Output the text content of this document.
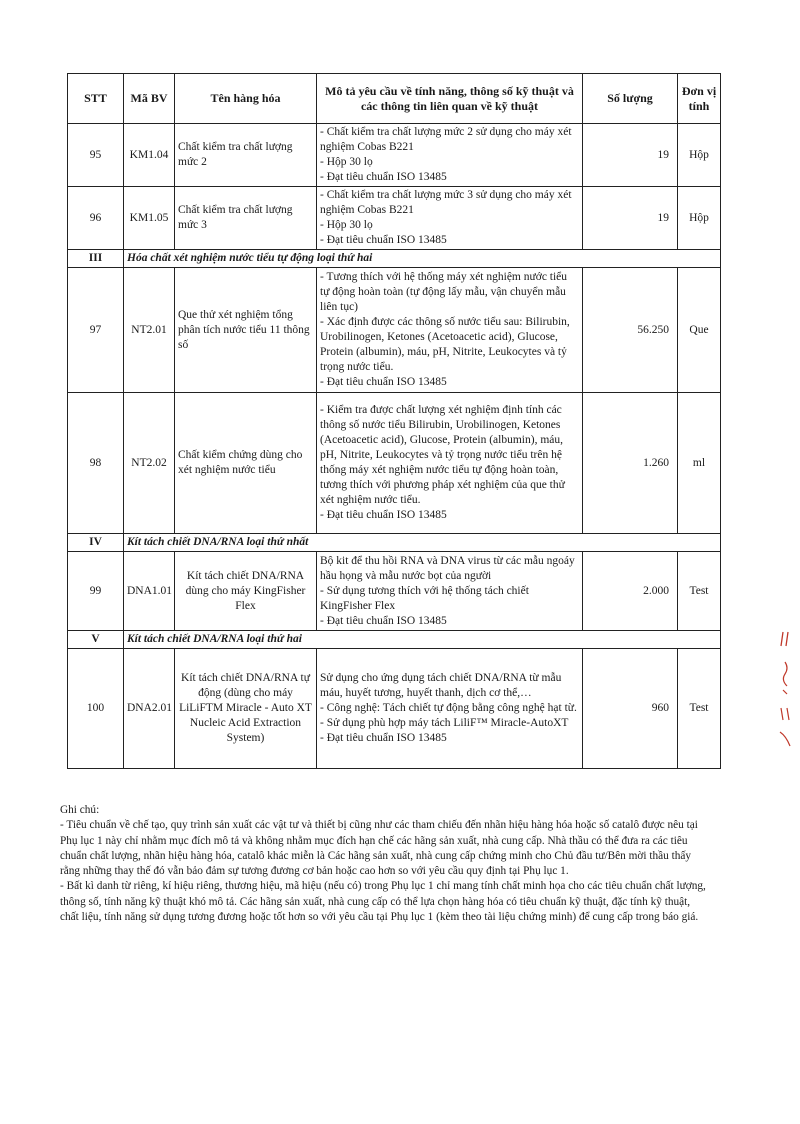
STT	Mã BV	Tên hàng hóa	Mô tả yêu cầu về tính năng, thông số kỹ thuật và các thông tin liên quan về kỹ thuật	Số lượng	Đơn vị tính
95	KM1.04	Chất kiểm tra chất lượng mức 2	- Chất kiểm tra chất lượng mức 2 sử dụng cho máy xét nghiệm Cobas B221
- Hộp 30 lọ
- Đạt tiêu chuẩn ISO 13485	19	Hộp
96	KM1.05	Chất kiểm tra chất lượng mức 3	- Chất kiểm tra chất lượng mức 3 sử dụng cho máy xét nghiệm Cobas B221
- Hộp 30 lọ
- Đạt tiêu chuẩn ISO 13485	19	Hộp
III	Hóa chất xét nghiệm nước tiểu tự động loại thứ hai				
97	NT2.01	Que thử xét nghiệm tổng phân tích nước tiểu 11 thông số	- Tương thích với hệ thống máy xét nghiệm nước tiểu tự động hoàn toàn (tự động lấy mẫu, vận chuyển mẫu liên tục)
- Xác định được các thông số nước tiểu sau: Bilirubin, Urobilinogen, Ketones (Acetoacetic acid), Glucose, Protein (albumin), máu, pH, Nitrite, Leukocytes và tỷ trọng nước tiểu.
- Đạt tiêu chuẩn ISO 13485	56.250	Que
98	NT2.02	Chất kiểm chứng dùng cho xét nghiệm nước tiểu	- Kiểm tra được chất lượng xét nghiệm định tính các thông số nước tiểu Bilirubin, Urobilinogen, Ketones (Acetoacetic acid), Glucose, Protein (albumin), máu, pH, Nitrite, Leukocytes và tỷ trọng nước tiểu trên hệ thống máy xét nghiệm nước tiểu tự động hoàn toàn, tương thích với phương pháp xét nghiệm của que thử xét nghiệm nước tiểu.
- Đạt tiêu chuẩn ISO 13485	1.260	ml
IV	Kít tách chiết DNA/RNA loại thứ nhất				
99	DNA1.01	Kít tách chiết DNA/RNA dùng cho máy KingFisher Flex	Bộ kit để thu hồi RNA và DNA virus từ các mẫu ngoáy hầu họng và mẫu nước bọt của người
- Sử dụng tương thích với hệ thống tách chiết KingFisher Flex
- Đạt tiêu chuẩn ISO 13485	2.000	Test
V	Kít tách chiết DNA/RNA loại thứ hai				
100	DNA2.01	Kít tách chiết DNA/RNA tự động (dùng cho máy LiLiFTM Miracle - Auto XT Nucleic Acid Extraction System)	Sử dụng cho ứng dụng tách chiết DNA/RNA từ mẫu máu, huyết tương, huyết thanh, dịch cơ thể,…
- Công nghệ: Tách chiết tự động bằng công nghệ hạt từ.
- Sử dụng phù hợp máy tách LiliF™ Miracle-AutoXT
- Đạt tiêu chuẩn ISO 13485	960	Test

Ghi chú:

- Tiêu chuẩn về chế tạo, quy trình sản xuất các vật tư và thiết bị cũng như các tham chiếu đến nhãn hiệu hàng hóa hoặc số catalô được nêu tại Phụ lục 1 này chỉ nhằm mục đích mô tả và không nhằm mục đích hạn chế các hãng sản xuất, nhà cung cấp. Nhà thầu có thể đưa ra các tiêu chuẩn chất lượng, nhãn hiệu hàng hóa, catalô khác miễn là Các hãng sản xuất, nhà cung cấp chứng minh cho Chủ đầu tư/Bên mời thầu thấy rằng những thay thế đó vẫn bảo đảm sự tương đương cơ bản hoặc cao hơn so với yêu cầu quy định tại Phụ lục 1.

- Bất kì danh từ riêng, kí hiệu riêng, thương hiệu, mã hiệu (nếu có) trong Phụ lục 1 chỉ mang tính chất minh họa cho các tiêu chuẩn chất lượng, thông số, tính năng kỹ thuật khó mô tả. Các hãng sản xuất, nhà cung cấp có thể lựa chọn hàng hóa có tiêu chuẩn kỹ thuật, đặc tính kỹ thuật, chất liệu, tính năng sử dụng tương đương hoặc tốt hơn so với yêu cầu tại Phụ lục 1 (kèm theo tài liệu chứng minh) để cung cấp trong báo giá.
